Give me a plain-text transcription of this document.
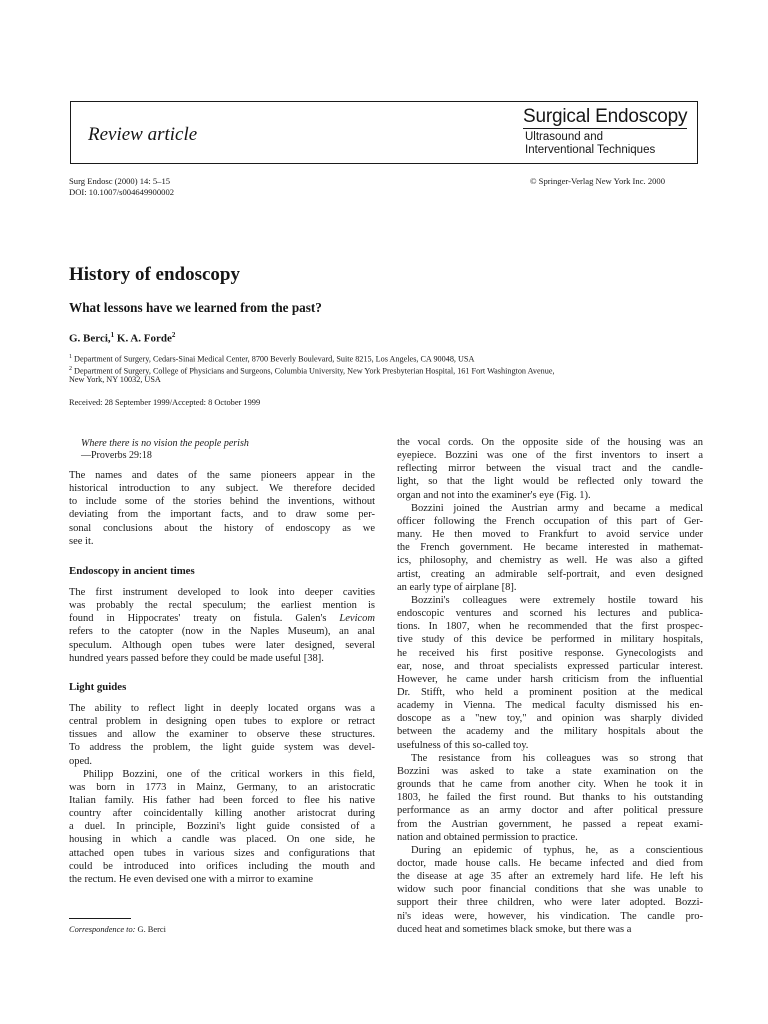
Review article
Surgical Endoscopy
Ultrasound and
Interventional Techniques
Surg Endosc (2000) 14: 5–15
DOI: 10.1007/s004649900002
© Springer-Verlag New York Inc. 2000
History of endoscopy
What lessons have we learned from the past?
G. Berci,$^1$ K. A. Forde$^2$
$^1$ Department of Surgery, Cedars-Sinai Medical Center, 8700 Beverly Boulevard, Suite 8215, Los Angeles, CA 90048, USA
$^2$ Department of Surgery, College of Physicians and Surgeons, Columbia University, New York Presbyterian Hospital, 161 Fort Washington Avenue,
New York, NY 10032, USA
Received: 28 September 1999/Accepted: 8 October 1999
Where there is no vision the people perish
—Proverbs 29:18
The names and dates of the same pioneers appear in the
historical introduction to any subject. We therefore decided
to include some of the stories behind the inventions, without
deviating from the important facts, and to draw some per-
sonal conclusions about the history of endoscopy as we
see it.
Endoscopy in ancient times
The first instrument developed to look into deeper cavities
was probably the rectal speculum; the earliest mention is
found in Hippocrates' treaty on fistula. Galen's Levicom
refers to the catopter (now in the Naples Museum), an anal
speculum. Although open tubes were later designed, several
hundred years passed before they could be made useful [38].
Light guides
The ability to reflect light in deeply located organs was a
central problem in designing open tubes to explore or retract
tissues and allow the examiner to observe these structures.
To address the problem, the light guide system was devel-
oped.
Philipp Bozzini, one of the critical workers in this field,
was born in 1773 in Mainz, Germany, to an aristocratic
Italian family. His father had been forced to flee his native
country after coincidentally killing another aristocrat during
a duel. In principle, Bozzini's light guide consisted of a
housing in which a candle was placed. On one side, he
attached open tubes in various sizes and configurations that
could be introduced into orifices including the mouth and
the rectum. He even devised one with a mirror to examine
the vocal cords. On the opposite side of the housing was an
eyepiece. Bozzini was one of the first inventors to insert a
reflecting mirror between the visual tract and the candle-
light, so that the light would be reflected only toward the
organ and not into the examiner's eye (Fig. 1).
Bozzini joined the Austrian army and became a medical
officer following the French occupation of this part of Ger-
many. He then moved to Frankfurt to avoid service under
the French government. He became interested in mathemat-
ics, philosophy, and chemistry as well. He was also a gifted
artist, creating an admirable self-portrait, and even designed
an early type of airplane [8].
Bozzini's colleagues were extremely hostile toward his
endoscopic ventures and scorned his lectures and publica-
tions. In 1807, when he recommended that the first prospec-
tive study of this device be performed in military hospitals,
he received his first positive response. Gynecologists and
ear, nose, and throat specialists expressed particular interest.
However, he came under harsh criticism from the influential
Dr. Stifft, who held a prominent position at the medical
academy in Vienna. The medical faculty dismissed his en-
doscope as a "new toy," and opinion was sharply divided
between the academy and the military hospitals about the
usefulness of this so-called toy.
The resistance from his colleagues was so strong that
Bozzini was asked to take a state examination on the
grounds that he came from another city. When he took it in
1803, he failed the first round. But thanks to his outstanding
performance as an army doctor and after political pressure
from the Austrian government, he passed a repeat exami-
nation and obtained permission to practice.
During an epidemic of typhus, he, as a conscientious
doctor, made house calls. He became infected and died from
the disease at age 35 after an extremely hard life. He left his
widow such poor financial conditions that she was unable to
support their three children, who were later adopted. Bozzi-
ni's ideas were, however, his vindication. The candle pro-
duced heat and sometimes black smoke, but there was a
Correspondence to: G. Berci
